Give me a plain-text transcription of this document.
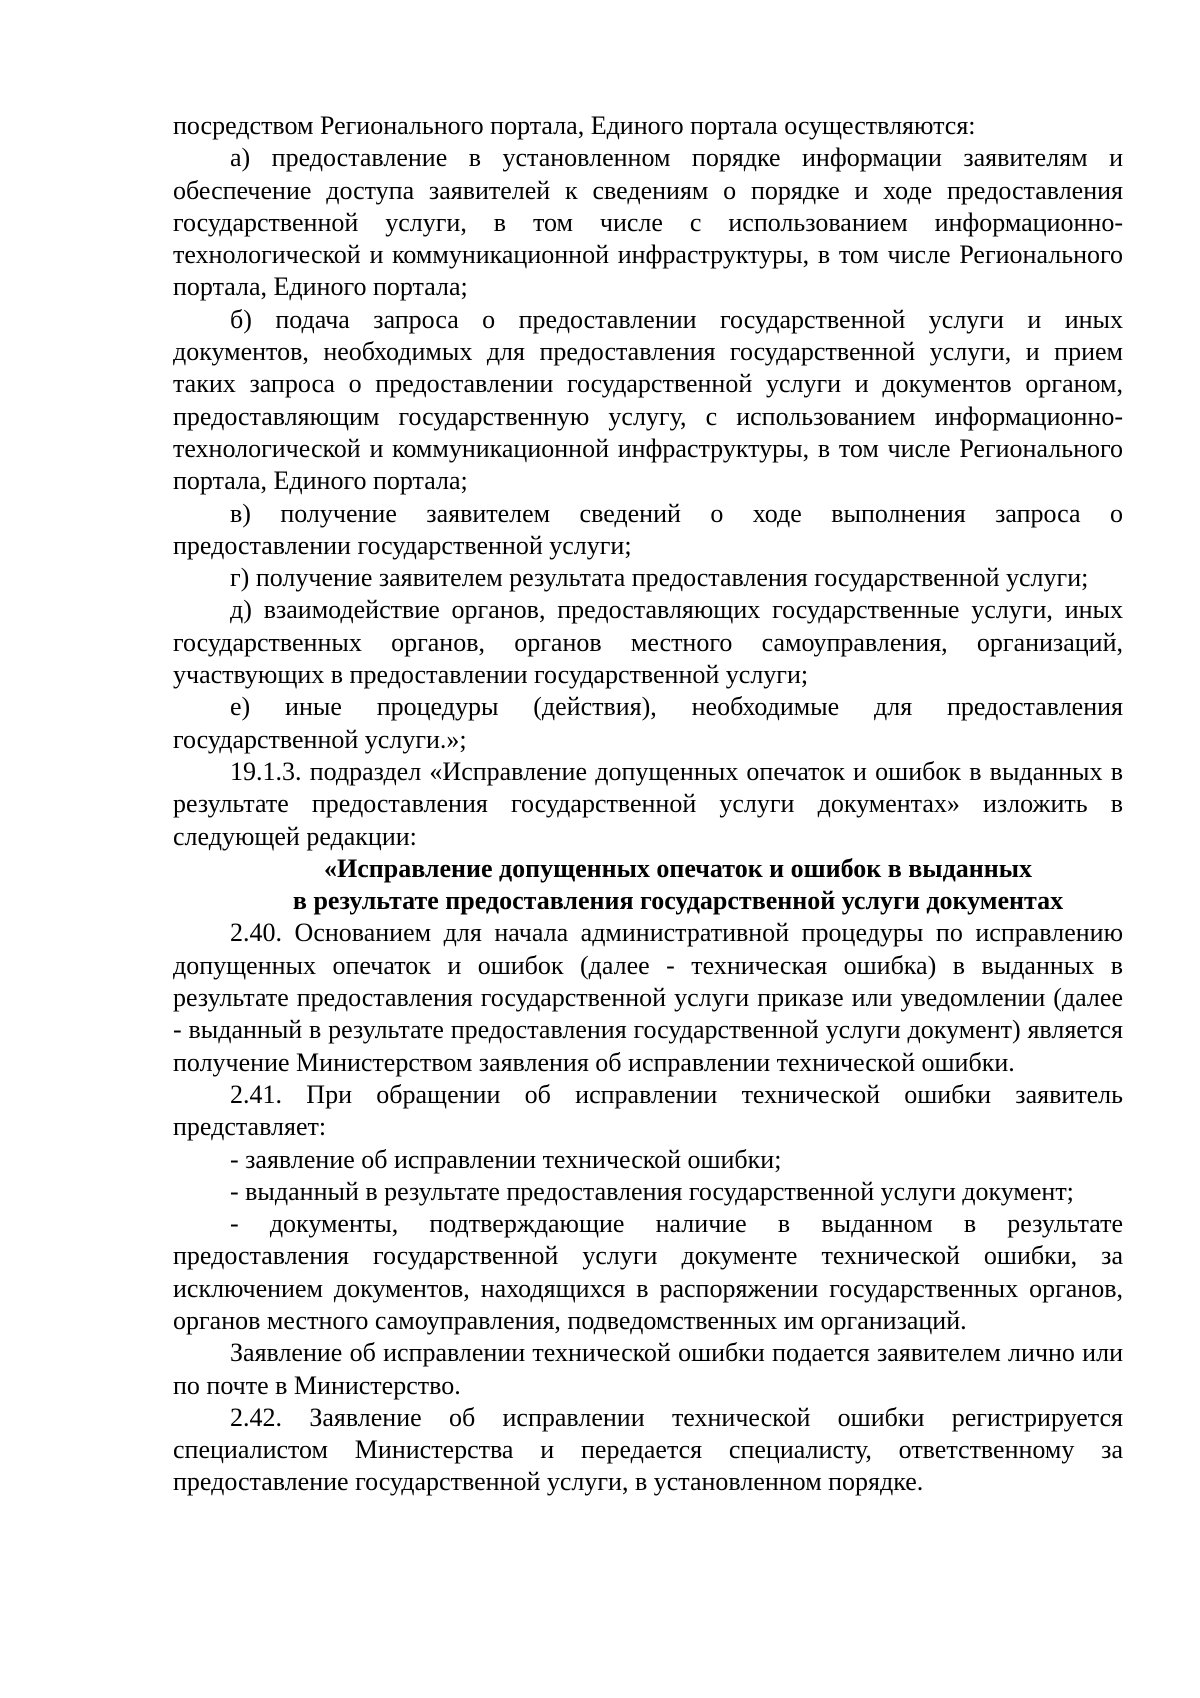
посредством Регионального портала, Единого портала осуществляются:

а) предоставление в установленном порядке информации заявителям и обеспечение доступа заявителей к сведениям о порядке и ходе предоставления государственной услуги, в том числе с использованием информационно-технологической и коммуникационной инфраструктуры, в том числе Регионального портала, Единого портала;

б) подача запроса о предоставлении государственной услуги и иных документов, необходимых для предоставления государственной услуги, и прием таких запроса о предоставлении государственной услуги и документов органом, предоставляющим государственную услугу, с использованием информационно-технологической и коммуникационной инфраструктуры, в том числе Регионального портала, Единого портала;

в) получение заявителем сведений о ходе выполнения запроса о предоставлении государственной услуги;

г) получение заявителем результата предоставления государственной услуги;

д) взаимодействие органов, предоставляющих государственные услуги, иных государственных органов, органов местного самоуправления, организаций, участвующих в предоставлении государственной услуги;

е) иные процедуры (действия), необходимые для предоставления государственной услуги.»;

19.1.3. подраздел «Исправление допущенных опечаток и ошибок в выданных в результате предоставления государственной услуги документах» изложить в следующей редакции:

«Исправление допущенных опечаток и ошибок в выданных
в результате предоставления государственной услуги документах

2.40. Основанием для начала административной процедуры по исправлению допущенных опечаток и ошибок (далее - техническая ошибка) в выданных в результате предоставления государственной услуги приказе или уведомлении (далее - выданный в результате предоставления государственной услуги документ) является получение Министерством заявления об исправлении технической ошибки.

2.41. При обращении об исправлении технической ошибки заявитель представляет:

- заявление об исправлении технической ошибки;

- выданный в результате предоставления государственной услуги документ;

- документы, подтверждающие наличие в выданном в результате предоставления государственной услуги документе технической ошибки, за исключением документов, находящихся в распоряжении государственных органов, органов местного самоуправления, подведомственных им организаций.

Заявление об исправлении технической ошибки подается заявителем лично или по почте в Министерство.

2.42. Заявление об исправлении технической ошибки регистрируется специалистом Министерства и передается специалисту, ответственному за предоставление государственной услуги, в установленном порядке.
